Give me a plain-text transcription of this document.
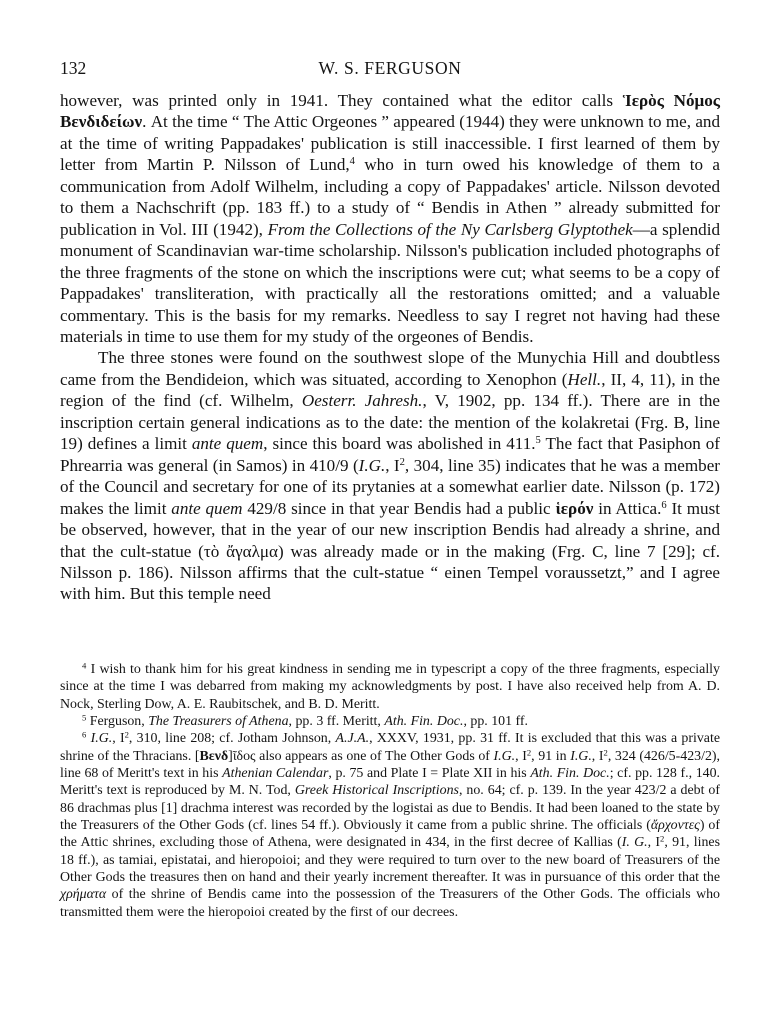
132	W. S. FERGUSON

however, was printed only in 1941. They contained what the editor calls Ἱερὸς Νόμος Βενδιδείων. At the time “ The Attic Orgeones ” appeared (1944) they were unknown to me, and at the time of writing Pappadakes' publication is still inaccessible. I first learned of them by letter from Martin P. Nilsson of Lund,$^4$ who in turn owed his knowledge of them to a communication from Adolf Wilhelm, including a copy of Pappadakes' article. Nilsson devoted to them a Nachschrift (pp. 183 ff.) to a study of “ Bendis in Athen ” already submitted for publication in Vol. III (1942), From the Collections of the Ny Carlsberg Glyptothek—a splendid monument of Scandinavian war-time scholarship. Nilsson's publication included photographs of the three fragments of the stone on which the inscriptions were cut; what seems to be a copy of Pappadakes' transliteration, with practically all the restorations omitted; and a valuable commentary. This is the basis for my remarks. Needless to say I regret not having had these materials in time to use them for my study of the orgeones of Bendis.

The three stones were found on the southwest slope of the Munychia Hill and doubtless came from the Bendideion, which was situated, according to Xenophon (Hell., II, 4, 11), in the region of the find (cf. Wilhelm, Oesterr. Jahresh., V, 1902, pp. 134 ff.). There are in the inscription certain general indications as to the date: the mention of the kolakretai (Frg. B, line 19) defines a limit ante quem, since this board was abolished in 411.$^5$ The fact that Pasiphon of Phrearria was general (in Samos) in 410/9 (I.G., $I^2$, 304, line 35) indicates that he was a member of the Council and secretary for one of its prytanies at a somewhat earlier date. Nilsson (p. 172) makes the limit ante quem 429/8 since in that year Bendis had a public ἱερόν in Attica.$^6$ It must be observed, however, that in the year of our new inscription Bendis had already a shrine, and that the cult-statue (τὸ ἄγαλμα) was already made or in the making (Frg. C, line 7 [29]; cf. Nilsson p. 186). Nilsson affirms that the cult-statue “ einen Tempel voraussetzt,” and I agree with him. But this temple need

$^4$ I wish to thank him for his great kindness in sending me in typescript a copy of the three fragments, especially since at the time I was debarred from making my acknowledgments by post. I have also received help from A. D. Nock, Sterling Dow, A. E. Raubitschek, and B. D. Meritt.

$^5$ Ferguson, The Treasurers of Athena, pp. 3 ff. Meritt, Ath. Fin. Doc., pp. 101 ff.

$^6$ I.G., $I^2$, 310, line 208; cf. Jotham Johnson, A.J.A., XXXV, 1931, pp. 31 ff. It is excluded that this was a private shrine of the Thracians. [Βενδ]ῖδος also appears as one of The Other Gods of I.G., $I^2$, 91 in I.G., $I^2$, 324 (426/5-423/2), line 68 of Meritt's text in his Athenian Calendar, p. 75 and Plate I = Plate XII in his Ath. Fin. Doc.; cf. pp. 128 f., 140. Meritt's text is reproduced by M. N. Tod, Greek Historical Inscriptions, no. 64; cf. p. 139. In the year 423/2 a debt of 86 drachmas plus [1] drachma interest was recorded by the logistai as due to Bendis. It had been loaned to the state by the Treasurers of the Other Gods (cf. lines 54 ff.). Obviously it came from a public shrine. The officials (ἄρχοντες) of the Attic shrines, excluding those of Athena, were designated in 434, in the first decree of Kallias (I. G., $I^2$, 91, lines 18 ff.), as tamiai, epistatai, and hieropoioi; and they were required to turn over to the new board of Treasurers of the Other Gods the treasures then on hand and their yearly increment thereafter. It was in pursuance of this order that the χρήματα of the shrine of Bendis came into the possession of the Treasurers of the Other Gods. The officials who transmitted them were the hieropoioi created by the first of our decrees.
